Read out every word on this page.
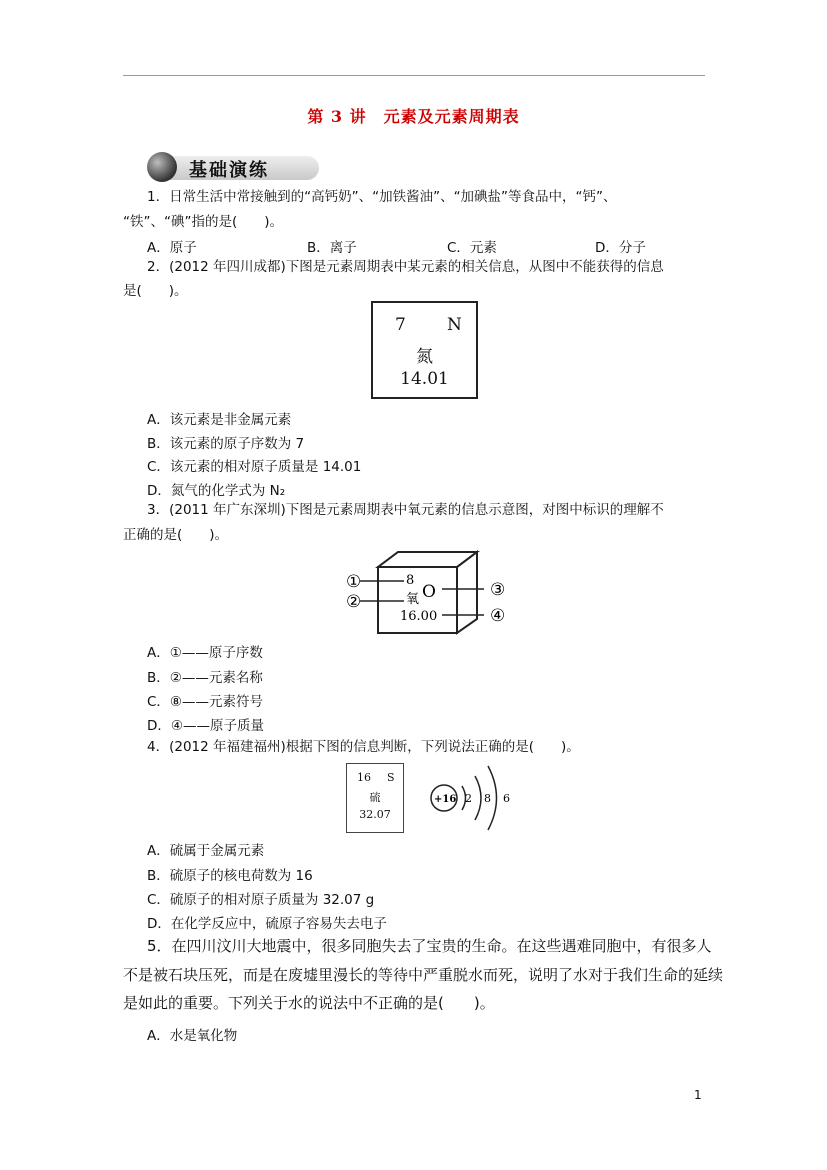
第 3 讲　元素及元素周期表
基础演练
1．日常生活中常接触到的“高钙奶”、“加铁酱油”、“加碘盐”等食品中，“钙”、
“铁”、“碘”指的是(　　)。
A．原子	B．离子	C．元素	D．分子
2．(2012 年四川成都)下图是元素周期表中某元素的相关信息，从图中不能获得的信息
是(　　)。
7 N
氮
14.01
A．该元素是非金属元素
B．该元素的原子序数为 7
C．该元素的相对原子质量是 14.01
D．氮气的化学式为 N₂
3．(2011 年广东深圳)下图是元素周期表中氧元素的信息示意图，对图中标识的理解不
正确的是(　　)。
①
②
③
④
8
氧 O
16.00
A．①——原子序数
B．②——元素名称
C．⑧——元素符号
D．④——原子质量
4．(2012 年福建福州)根据下图的信息判断，下列说法正确的是(　　)。
16 S
硫
32.07
+16 2 8 6
A．硫属于金属元素
B．硫原子的核电荷数为 16
C．硫原子的相对原子质量为 32.07 g
D．在化学反应中，硫原子容易失去电子
5．在四川汶川大地震中，很多同胞失去了宝贵的生命。在这些遇难同胞中，有很多人
不是被石块压死，而是在废墟里漫长的等待中严重脱水而死，说明了水对于我们生命的延续
是如此的重要。下列关于水的说法中不正确的是(　　)。
A．水是氧化物
1
